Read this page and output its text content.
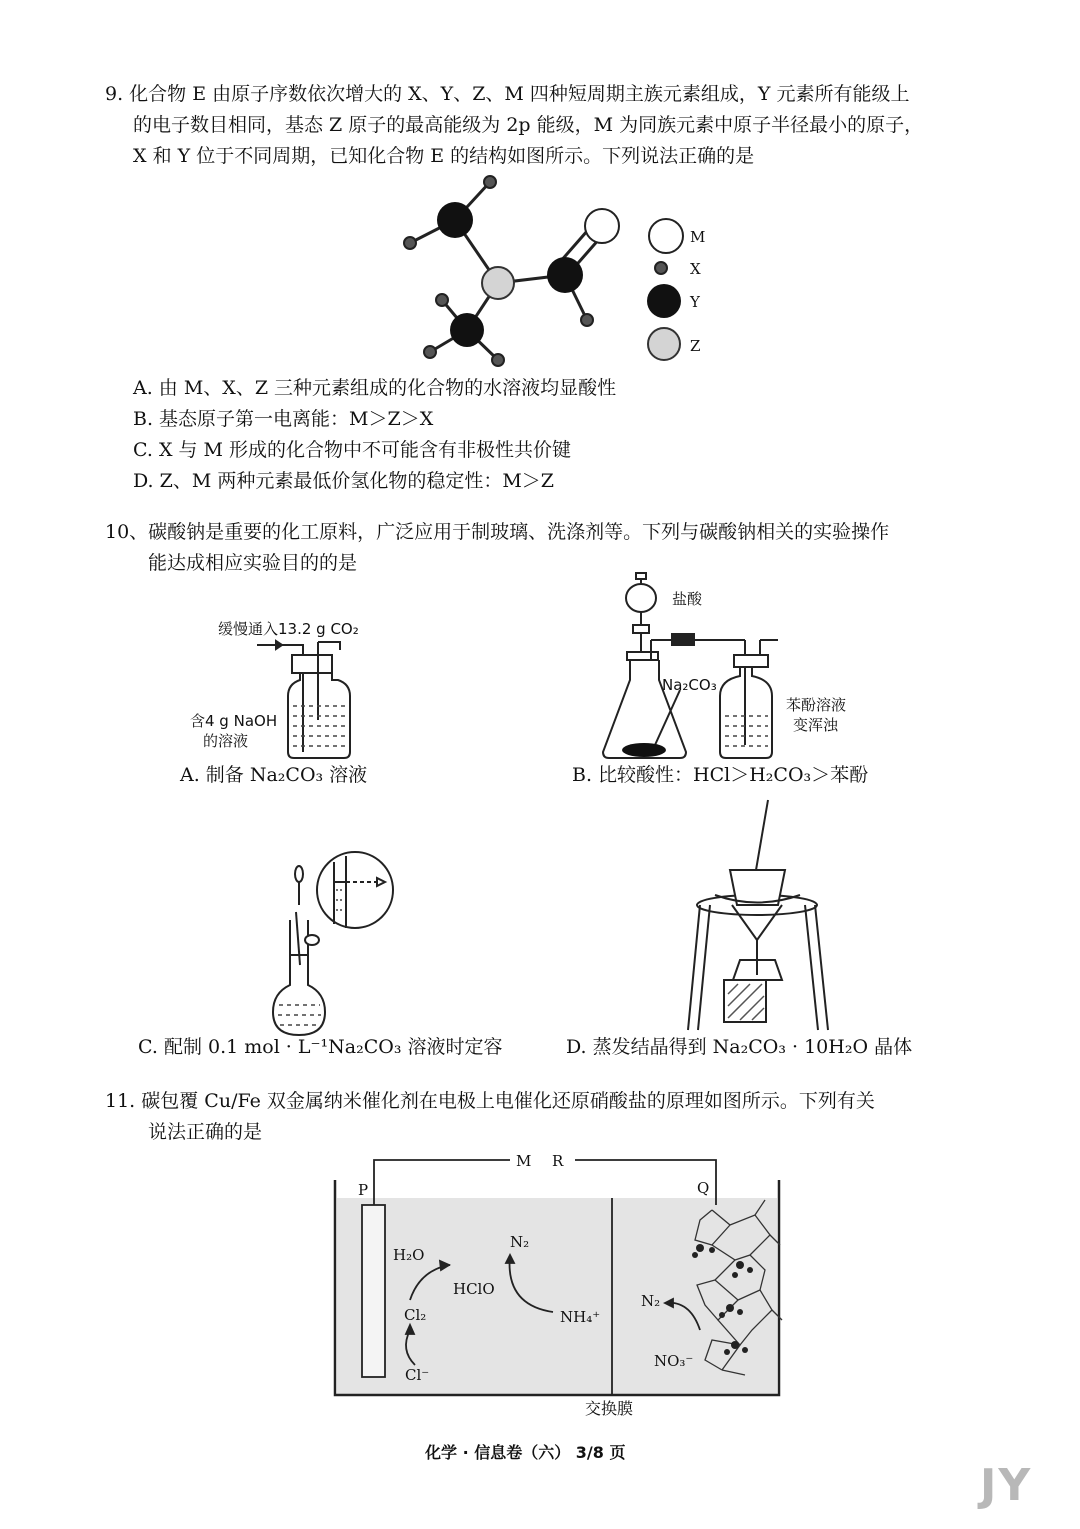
9. 化合物 E 由原子序数依次增大的 X、Y、Z、M 四种短周期主族元素组成，Y 元素所有能级上
的电子数目相同，基态 Z 原子的最高能级为 2p 能级，M 为同族元素中原子半径最小的原子，
X 和 Y 位于不同周期，已知化合物 E 的结构如图所示。下列说法正确的是
M
X
Y
Z
A. 由 M、X、Z 三种元素组成的化合物的水溶液均显酸性
B. 基态原子第一电离能：M＞Z＞X
C. X 与 M 形成的化合物中不可能含有非极性共价键
D. Z、M 两种元素最低价氢化物的稳定性：M＞Z
10、碳酸钠是重要的化工原料，广泛应用于制玻璃、洗涤剂等。下列与碳酸钠相关的实验操作
能达成相应实验目的的是
缓慢通入13.2 g CO₂
含4 g NaOH
的溶液
A. 制备 Na₂CO₃ 溶液
盐酸
Na₂CO₃
苯酚溶液
变浑浊
B. 比较酸性：HCl＞H₂CO₃＞苯酚
C. 配制 0.1 mol · L⁻¹Na₂CO₃ 溶液时定容	D. 蒸发结晶得到 Na₂CO₃ · 10H₂O 晶体
11. 碳包覆 Cu/Fe 双金属纳米催化剂在电极上电催化还原硝酸盐的原理如图所示。下列有关
说法正确的是
M R
P	Q
H₂O
HClO
N₂
Cl₂	NH₄⁺
Cl⁻
N₂
NO₃⁻
交换膜
化学 · 信息卷（六） 3/8 页
JY
